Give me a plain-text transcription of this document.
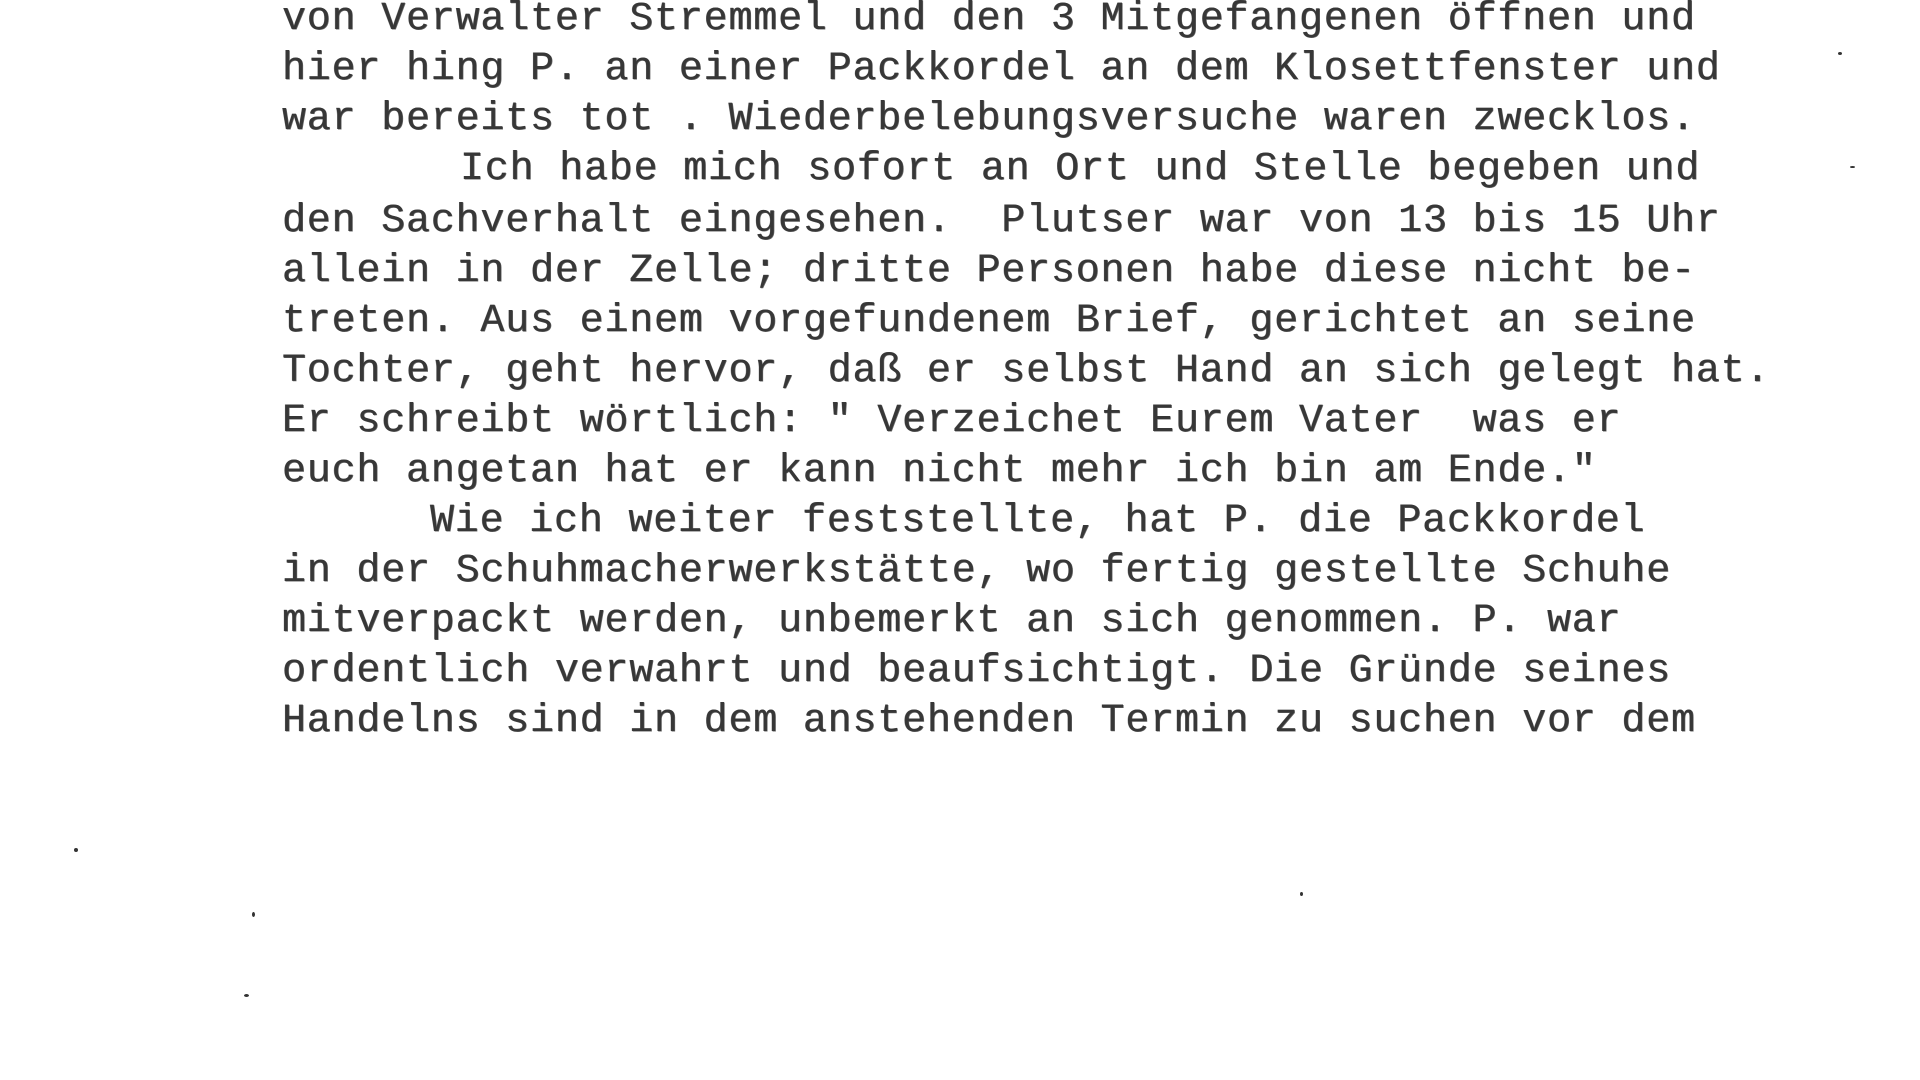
von Verwalter Stremmel und den 3 Mitgefangenen öffnen und
hier hing P. an einer Packkordel an dem Klosettfenster und
war bereits tot . Wiederbelebungsversuche waren zwecklos.
Ich habe mich sofort an Ort und Stelle begeben und
den Sachverhalt eingesehen.  Plutser war von 13 bis 15 Uhr
allein in der Zelle; dritte Personen habe diese nicht be-
treten. Aus einem vorgefundenem Brief, gerichtet an seine
Tochter, geht hervor, daß er selbst Hand an sich gelegt hat.
Er schreibt wörtlich: " Verzeichet Eurem Vater  was er
euch angetan hat er kann nicht mehr ich bin am Ende."
Wie ich weiter feststellte, hat P. die Packkordel
in der Schuhmacherwerkstätte, wo fertig gestellte Schuhe
mitverpackt werden, unbemerkt an sich genommen. P. war
ordentlich verwahrt und beaufsichtigt. Die Gründe seines
Handelns sind in dem anstehenden Termin zu suchen vor dem
